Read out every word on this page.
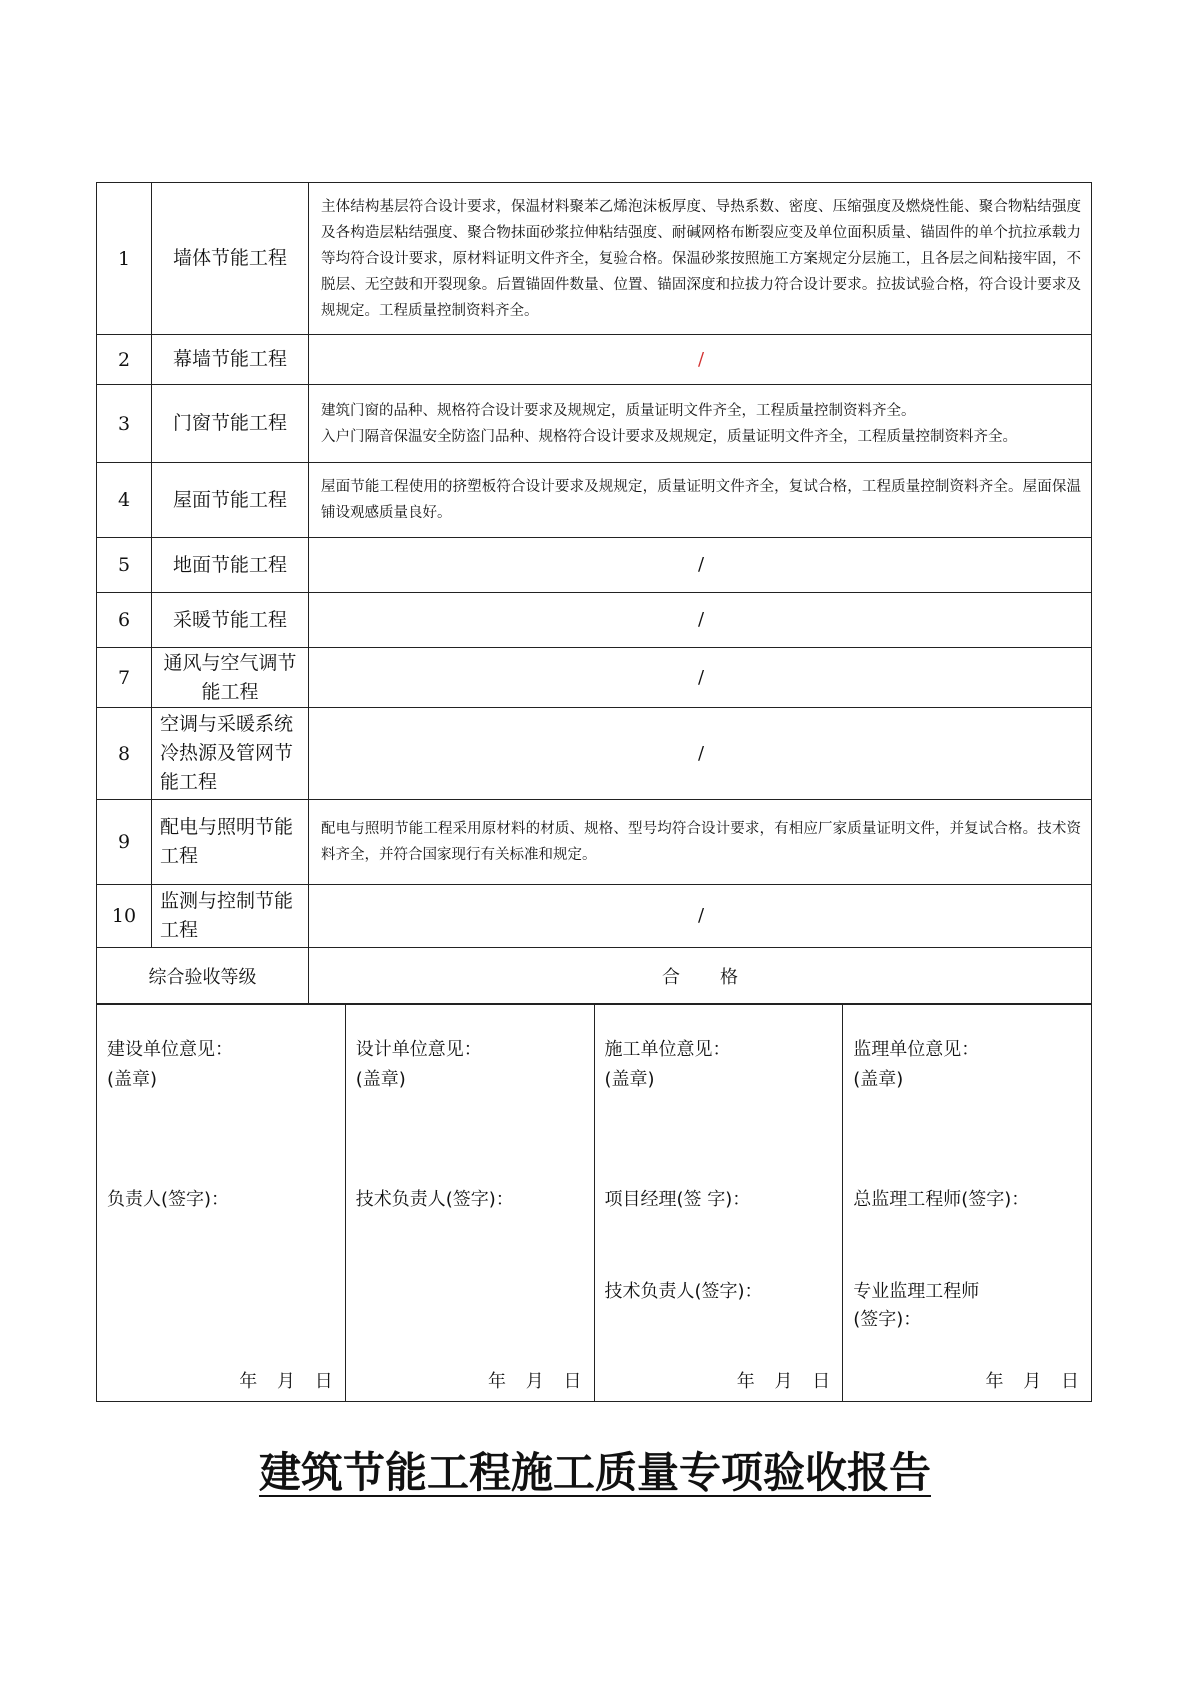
1	墙体节能工程	主体结构基层符合设计要求，保温材料聚苯乙烯泡沫板厚度、导热系数、密度、压缩强度及燃烧性能、聚合物粘结强度及各构造层粘结强度、聚合物抹面砂浆拉伸粘结强度、耐碱网格布断裂应变及单位面积质量、锚固件的单个抗拉承载力等均符合设计要求，原材料证明文件齐全，复验合格。保温砂浆按照施工方案规定分层施工，且各层之间粘接牢固，不脱层、无空鼓和开裂现象。后置锚固件数量、位置、锚固深度和拉拔力符合设计要求。拉拔试验合格，符合设计要求及规规定。工程质量控制资料齐全。
2	幕墙节能工程	/
3	门窗节能工程	建筑门窗的品种、规格符合设计要求及规规定，质量证明文件齐全，工程质量控制资料齐全。
入户门隔音保温安全防盗门品种、规格符合设计要求及规规定，质量证明文件齐全，工程质量控制资料齐全。

4	屋面节能工程	屋面节能工程使用的挤塑板符合设计要求及规规定，质量证明文件齐全，复试合格，工程质量控制资料齐全。屋面保温铺设观感质量良好。
5	地面节能工程	/
6	采暖节能工程	/
7	通风与空气调节能工程	/
8	空调与采暖系统冷热源及管网节能工程	/
9	配电与照明节能工程	配电与照明节能工程采用原材料的材质、规格、型号均符合设计要求，有相应厂家质量证明文件，并复试合格。技术资料齐全，并符合国家现行有关标准和规定。
10	监测与控制节能工程	/
综合验收等级		合 格
建设单位意见：
(盖章)
负责人(签字)：
年 月 日

设计单位意见：
(盖章)
技术负责人(签字)：
年 月 日

施工单位意见：
(盖章)
项目经理(签 字)：
技术负责人(签字)：
年 月 日

监理单位意见：
(盖章)
总监理工程师(签字)：
专业监理工程师
(签字)：
年 月 日
建筑节能工程施工质量专项验收报告
